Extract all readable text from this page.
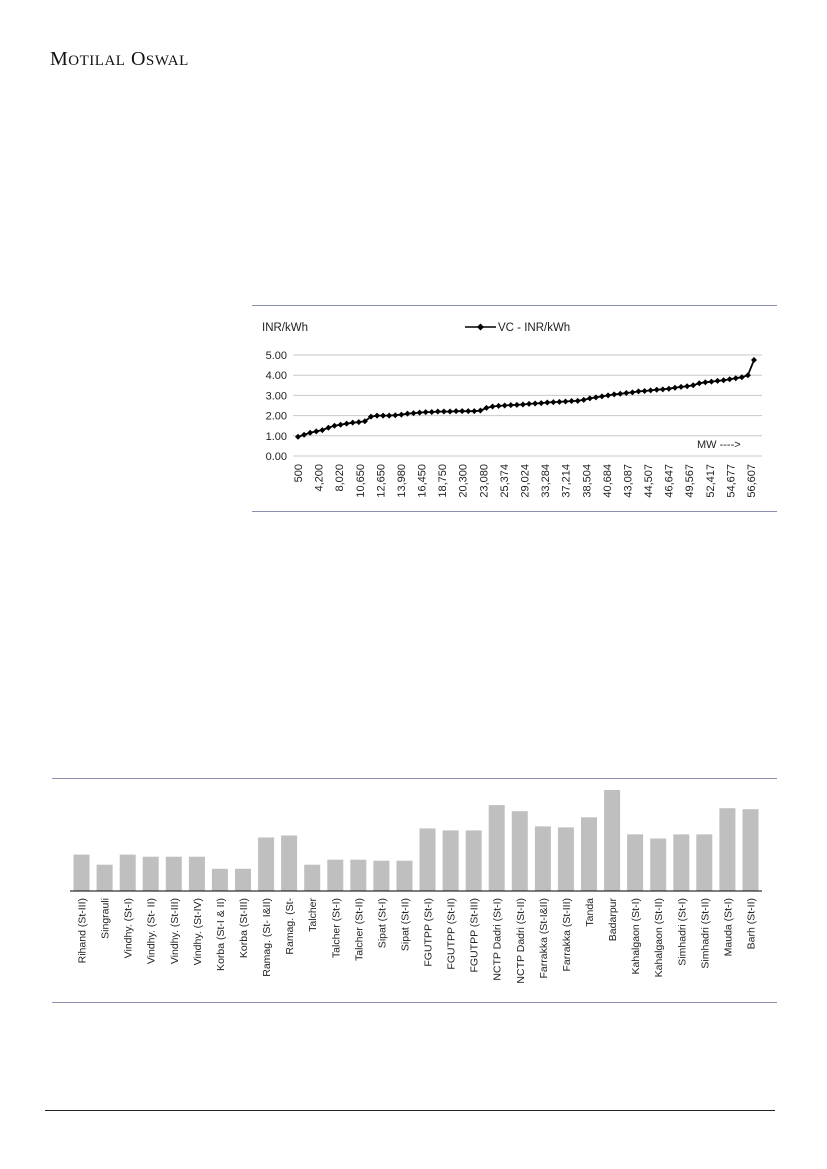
MOTILAL OSWAL
INR/kWh	VC - INR/kWh
MW ---->
0.00
1.00
2.00
3.00
4.00
5.00
500 4,200 8,020 10,650 12,650 13,980 16,450 18,750 20,300 23,080 25,374 29,024 33,284 37,214 38,504 40,684 43,087 44,507 46,647 49,567 52,417 54,677 56,607
Rihand (St-III) Singrauli Vindhy. (St-I) Vindhy. (St- II) Vindhy. (St-III) Vindhy. (St-IV) Korba (St-I & II) Korba (St-III) Ramag. (St- I&II) Ramag. (St- Talcher Talcher (St-I) Talcher (St-II) Sipat (St-I) Sipat (St-II) FGUTPP (St-I) FGUTPP (St-II) FGUTPP (St-III) NCTP Dadri (St-I) NCTP Dadri (St-II) Farrakka (St-I&II) Farrakka (St-III) Tanda Badarpur Kahalgaon (St-I) Kahalgaon (St-II) Simhadri (St-I) Simhadri (St-II) Mauda (St-I) Barh (St-II)
